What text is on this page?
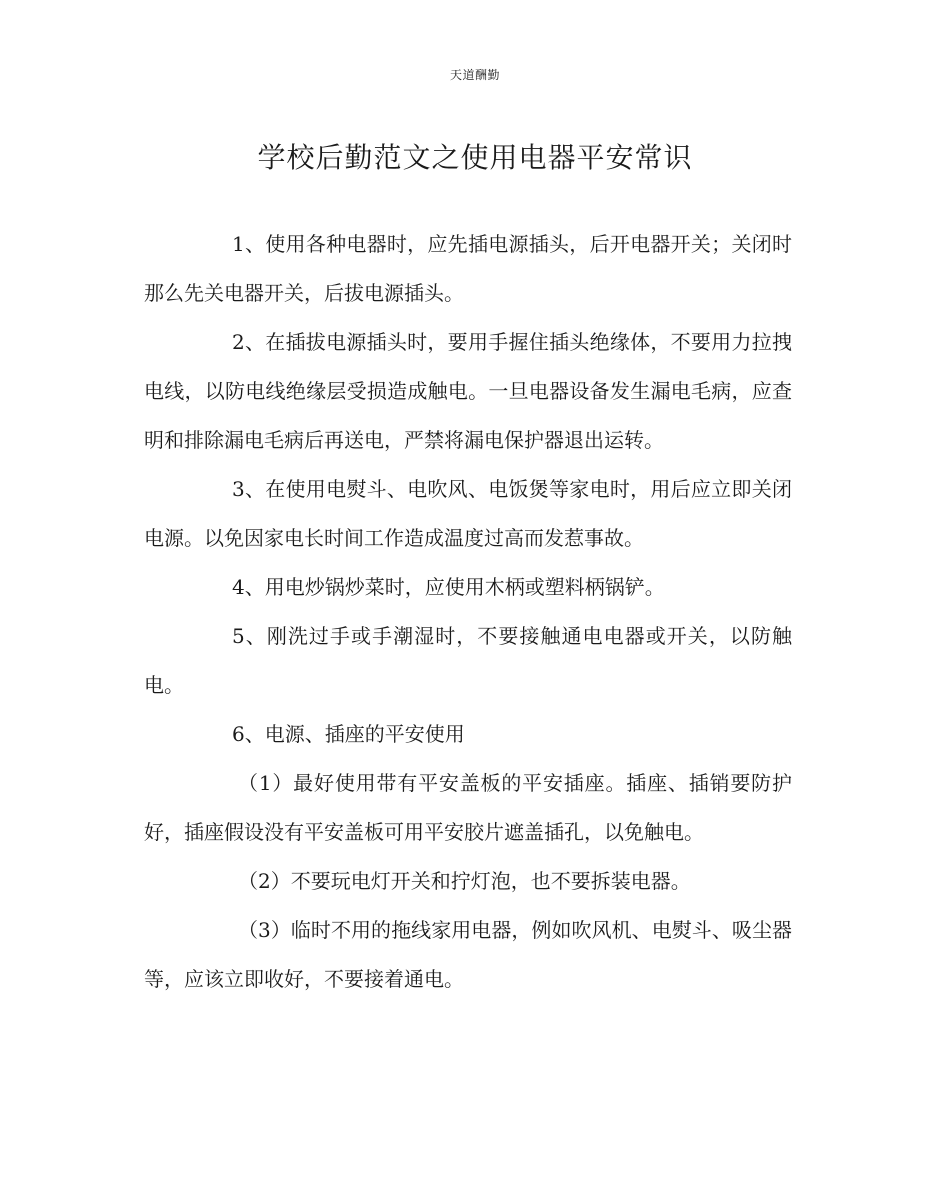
天道酬勤
学校后勤范文之使用电器平安常识

1、使用各种电器时，应先插电源插头，后开电器开关；关闭时那么先关电器开关，后拔电源插头。

2、在插拔电源插头时，要用手握住插头绝缘体，不要用力拉拽电线，以防电线绝缘层受损造成触电。一旦电器设备发生漏电毛病，应查明和排除漏电毛病后再送电，严禁将漏电保护器退出运转。

3、在使用电熨斗、电吹风、电饭煲等家电时，用后应立即关闭电源。以免因家电长时间工作造成温度过高而发惹事故。

4、用电炒锅炒菜时，应使用木柄或塑料柄锅铲。

5、刚洗过手或手潮湿时，不要接触通电电器或开关，以防触电。

6、电源、插座的平安使用

（1）最好使用带有平安盖板的平安插座。插座、插销要防护好，插座假设没有平安盖板可用平安胶片遮盖插孔，以免触电。

（2）不要玩电灯开关和拧灯泡，也不要拆装电器。

（3）临时不用的拖线家用电器，例如吹风机、电熨斗、吸尘器等，应该立即收好，不要接着通电。
